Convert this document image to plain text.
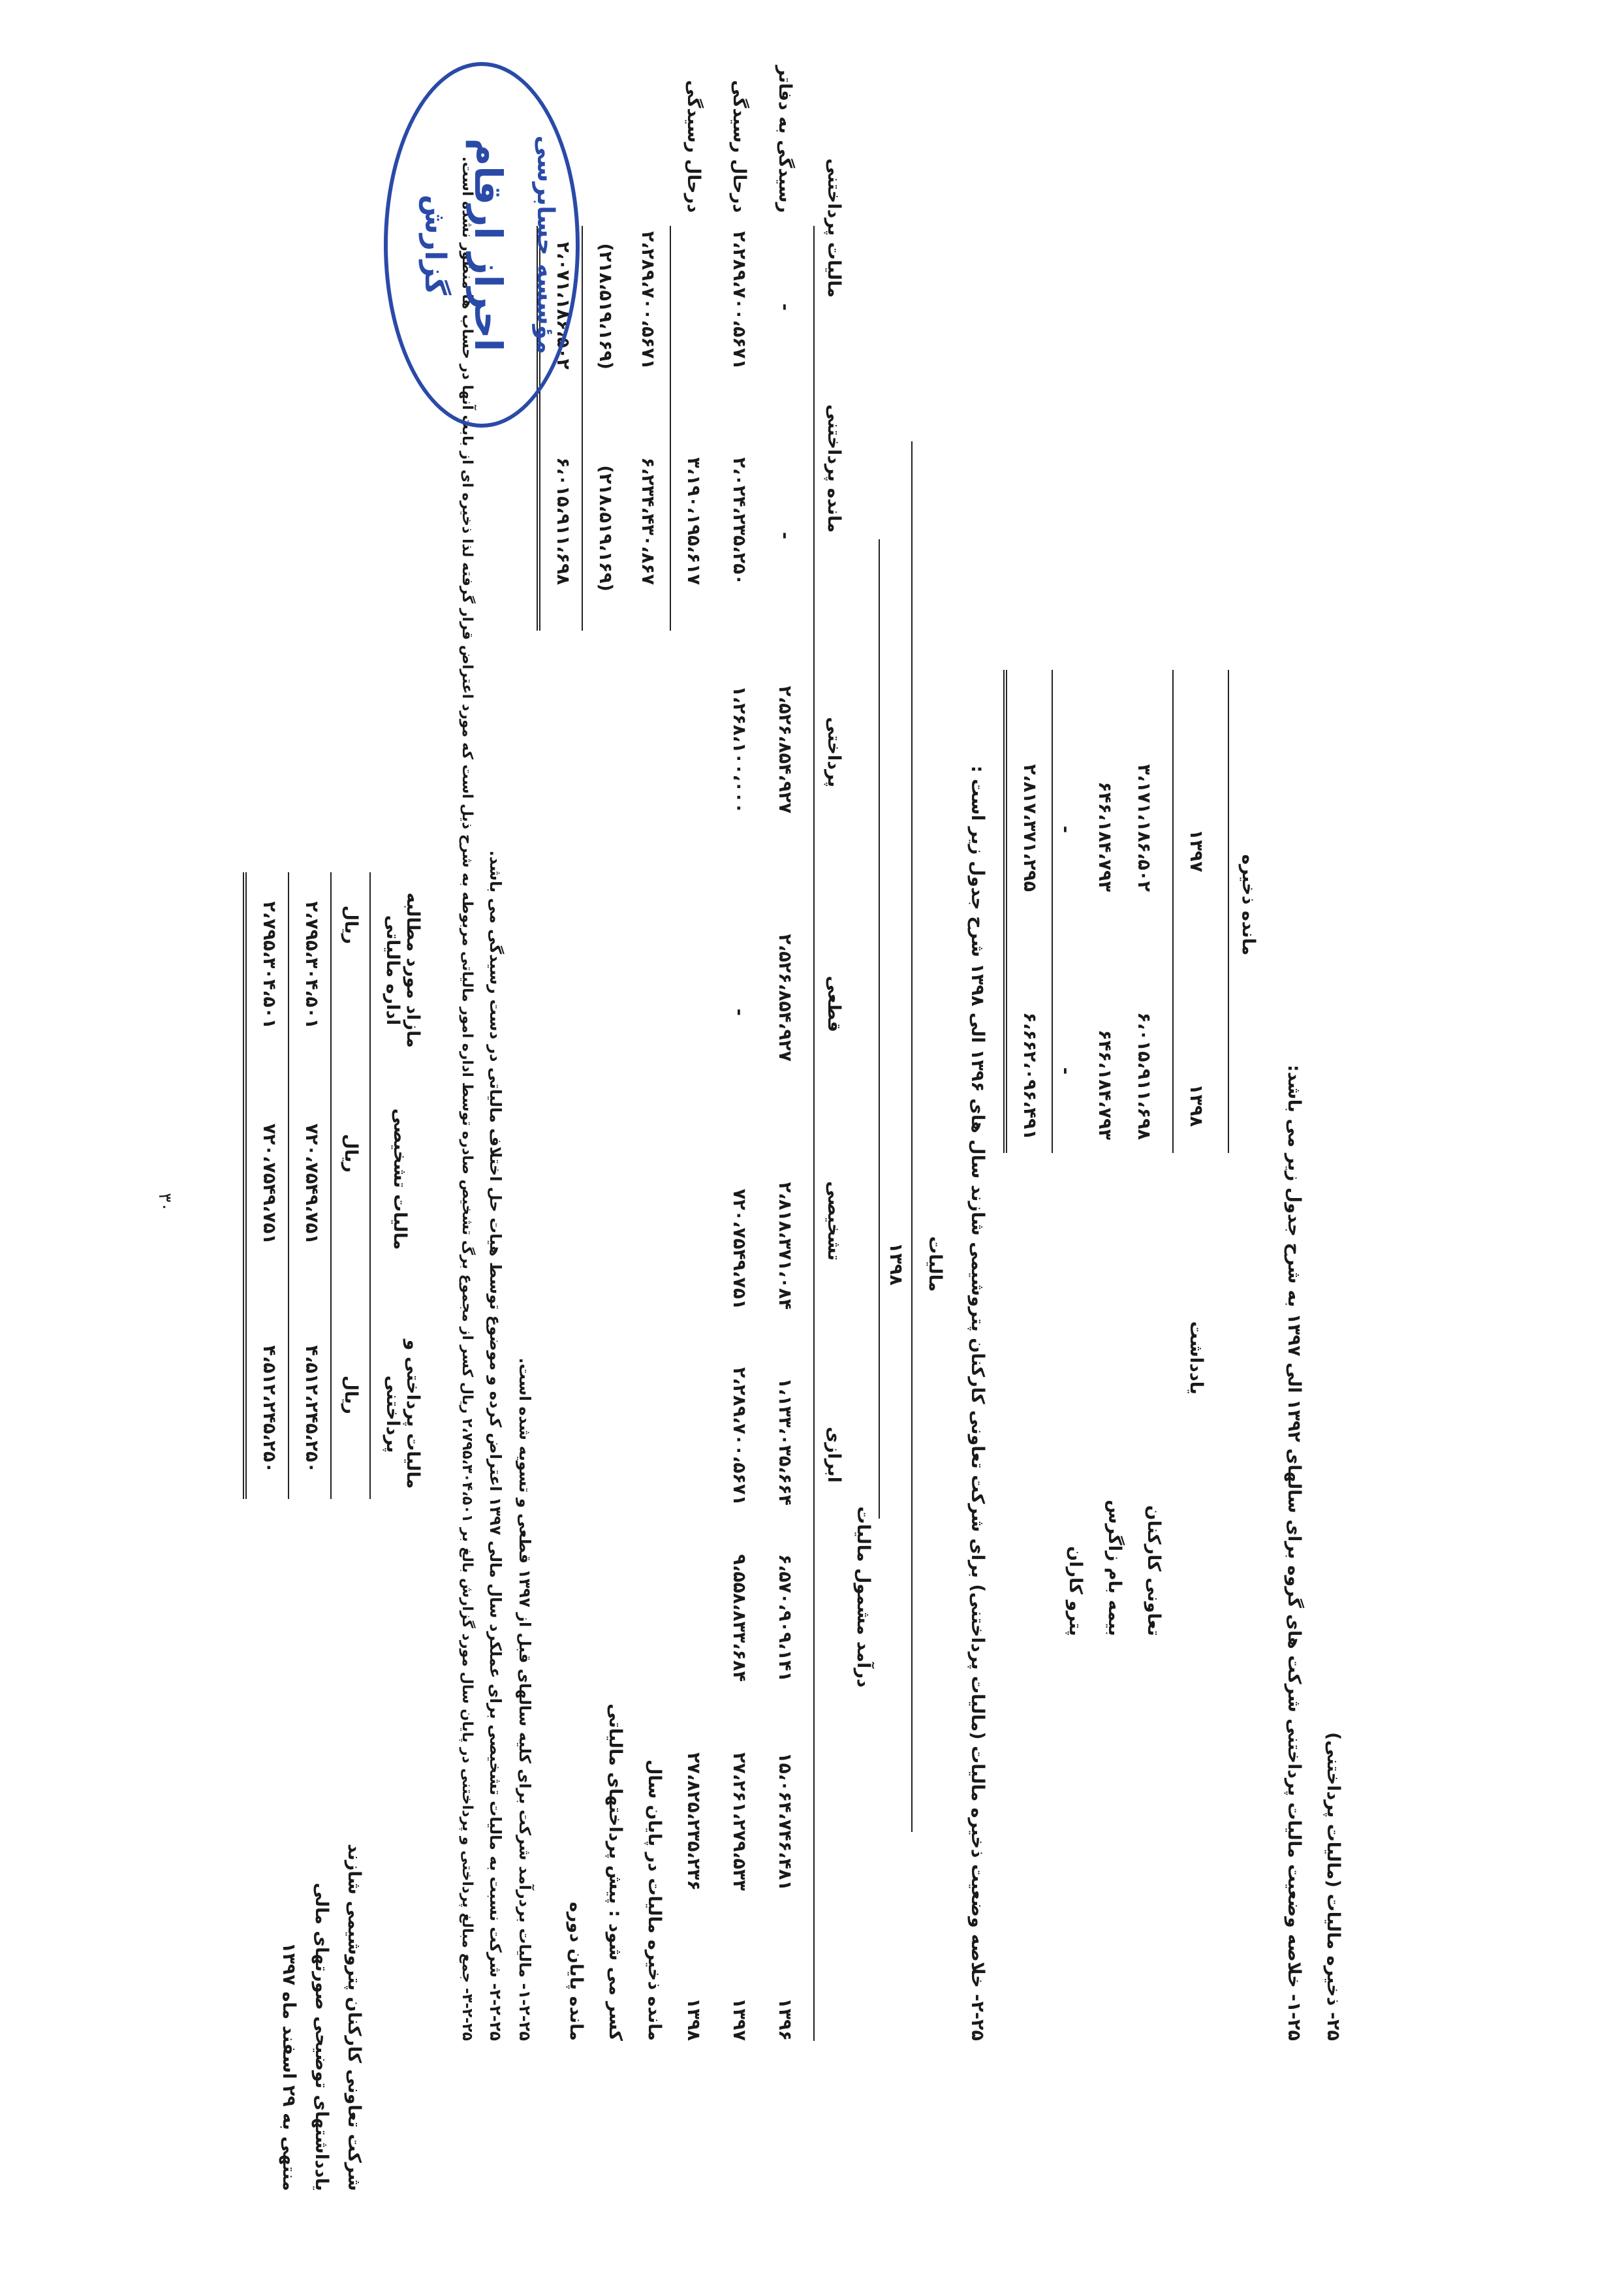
شرکت تعاونی کارکنان پتروشیمی شازند
یادداشتهای توضیحی صورتهای مالی
منتهی به ۲۹ اسفند ماه ۱۳۹۷
۲۵- ذخیره مالیات (مالیات پرداختنی)
۱-۲۵- خلاصه وضعیت مالیات پرداختنی شرکت های گروه برای سالهای ۱۳۹۲ الی ۱۳۹۷ به شرح جدول زیر می باشد:
مانده ذخیره
یادداشت
۱۳۹۸
۱۳۹۷
تعاونی کارکنان
۶،۰۱۵،۹۱۱،۶۹۸
۳،۱۷۱،۱۸۶،۵۰۲
بیمه بام زاگرس
۶۴۶،۱۸۴،۷۹۳
۶۴۶،۱۸۴،۷۹۳
پترو کاران
-
-
۶،۶۶۲،۰۹۶،۴۹۱
۲،۸۱۷،۳۷۱،۲۹۵
۲-۲۵- خلاصه وضعیت ذخیره مالیات (مالیات پرداختنی) برای شرکت تعاونی کارکنان پتروشیمی شازند سال های ۱۳۹۶ الی ۱۳۹۸ شرح جدول زیر است :
مالیات
۱۳۹۸
درآمد مشمول مالیات
ابرازی
تشخیصی
قطعی
پرداختی
مانده پرداختنی
مالیات پرداختنی
۱۳۹۶
۱۵،۰۶۴،۷۴۶،۴۸۱
۶،۵۷۰،۹۰۹،۱۴۱
۱،۱۳۳،۰۳۵،۶۶۴
۲،۸۱۸،۳۷۱،۰۸۴
۲،۵۲۶،۸۵۴،۹۲۷
۲،۵۲۶،۸۵۴،۹۲۷
-
-
رسیدگی به دفاتر
۱۳۹۷
۲۷،۲۶۱،۲۷۹،۵۳۳
۹،۵۵۸،۸۳۳،۶۸۴
۲،۲۸۹،۷۰۰،۵۶۷۱
۷۲۰،۷۵۴۹،۷۵۱
-
۱،۲۶۸،۱۰۰،۰۰۰
۲،۰۲۴،۲۳۵،۲۵۰
۲،۲۸۹،۷۰۰،۵۶۷۱
درحال رسیدگی
۱۳۹۸
۲۷،۸۲۵،۲۳۵،۲۳۶
۳،۱۹۰،۱۹۵،۶۱۷
درحال رسیدگی
مانده ذخیره مالیات در پایان سال
۶،۲۳۴،۴۳۰،۸۶۷
۲،۲۸۹،۷۰۰،۵۶۷۱
کسر می شود : پیش پرداختهای مالیاتی
(۲۱۸،۵۱۹،۱۶۹)
(۲۱۸،۵۱۹،۱۶۹)
مانده پایان دوره
۶،۰۱۵،۹۱۱،۶۹۸
۲،۰۷۱،۱۸۶،۵۰۲
۱-۲-۲۵- مالیات بردرآمد شرکت برای کلیه سالهای قبل از ۱۳۹۷ قطعی و تسویه شده است.
۲-۲-۲۵- شرکت نسبت به مالیات تشخیصی برای عملکرد سال مالی ۱۳۹۷ اعتراض کرده و موضوع توسط هیات حل اختلاف مالیاتی در دست رسیدگی می باشد.
۳-۲-۲۵- جمع مبالغ پرداختی و پرداختنی در پایان سال مورد گزارش بالغ بر ۲،۷۹۵،۳۰۴،۵۰۱ ریال کسر از مجموع برگ تشخیص صادره توسط اداره امور مالیاتی مربوطه به شرح ذیل است که مورد اعتراض قرار گرفته لذا ذخیره ای از بابت آنها در حساب ها منظور نشده است.
مالیات پرداختی و پرداختنی
مالیات تشخیصی
مازاد مورد مطالبه اداره مالیاتی
ریال
ریال
ریال
۴،۵۱۲،۲۴۵،۲۵۰
۷۲۰،۷۵۴۹،۷۵۱
۲،۷۹۵،۳۰۴،۵۰۱
۴،۵۱۲،۲۴۵،۲۵۰
۷۲۰،۷۵۴۹،۷۵۱
۲،۷۹۵،۳۰۴،۵۰۱
۳۰
مؤسسه حسابرسی
احراز ارقام
گزارش
